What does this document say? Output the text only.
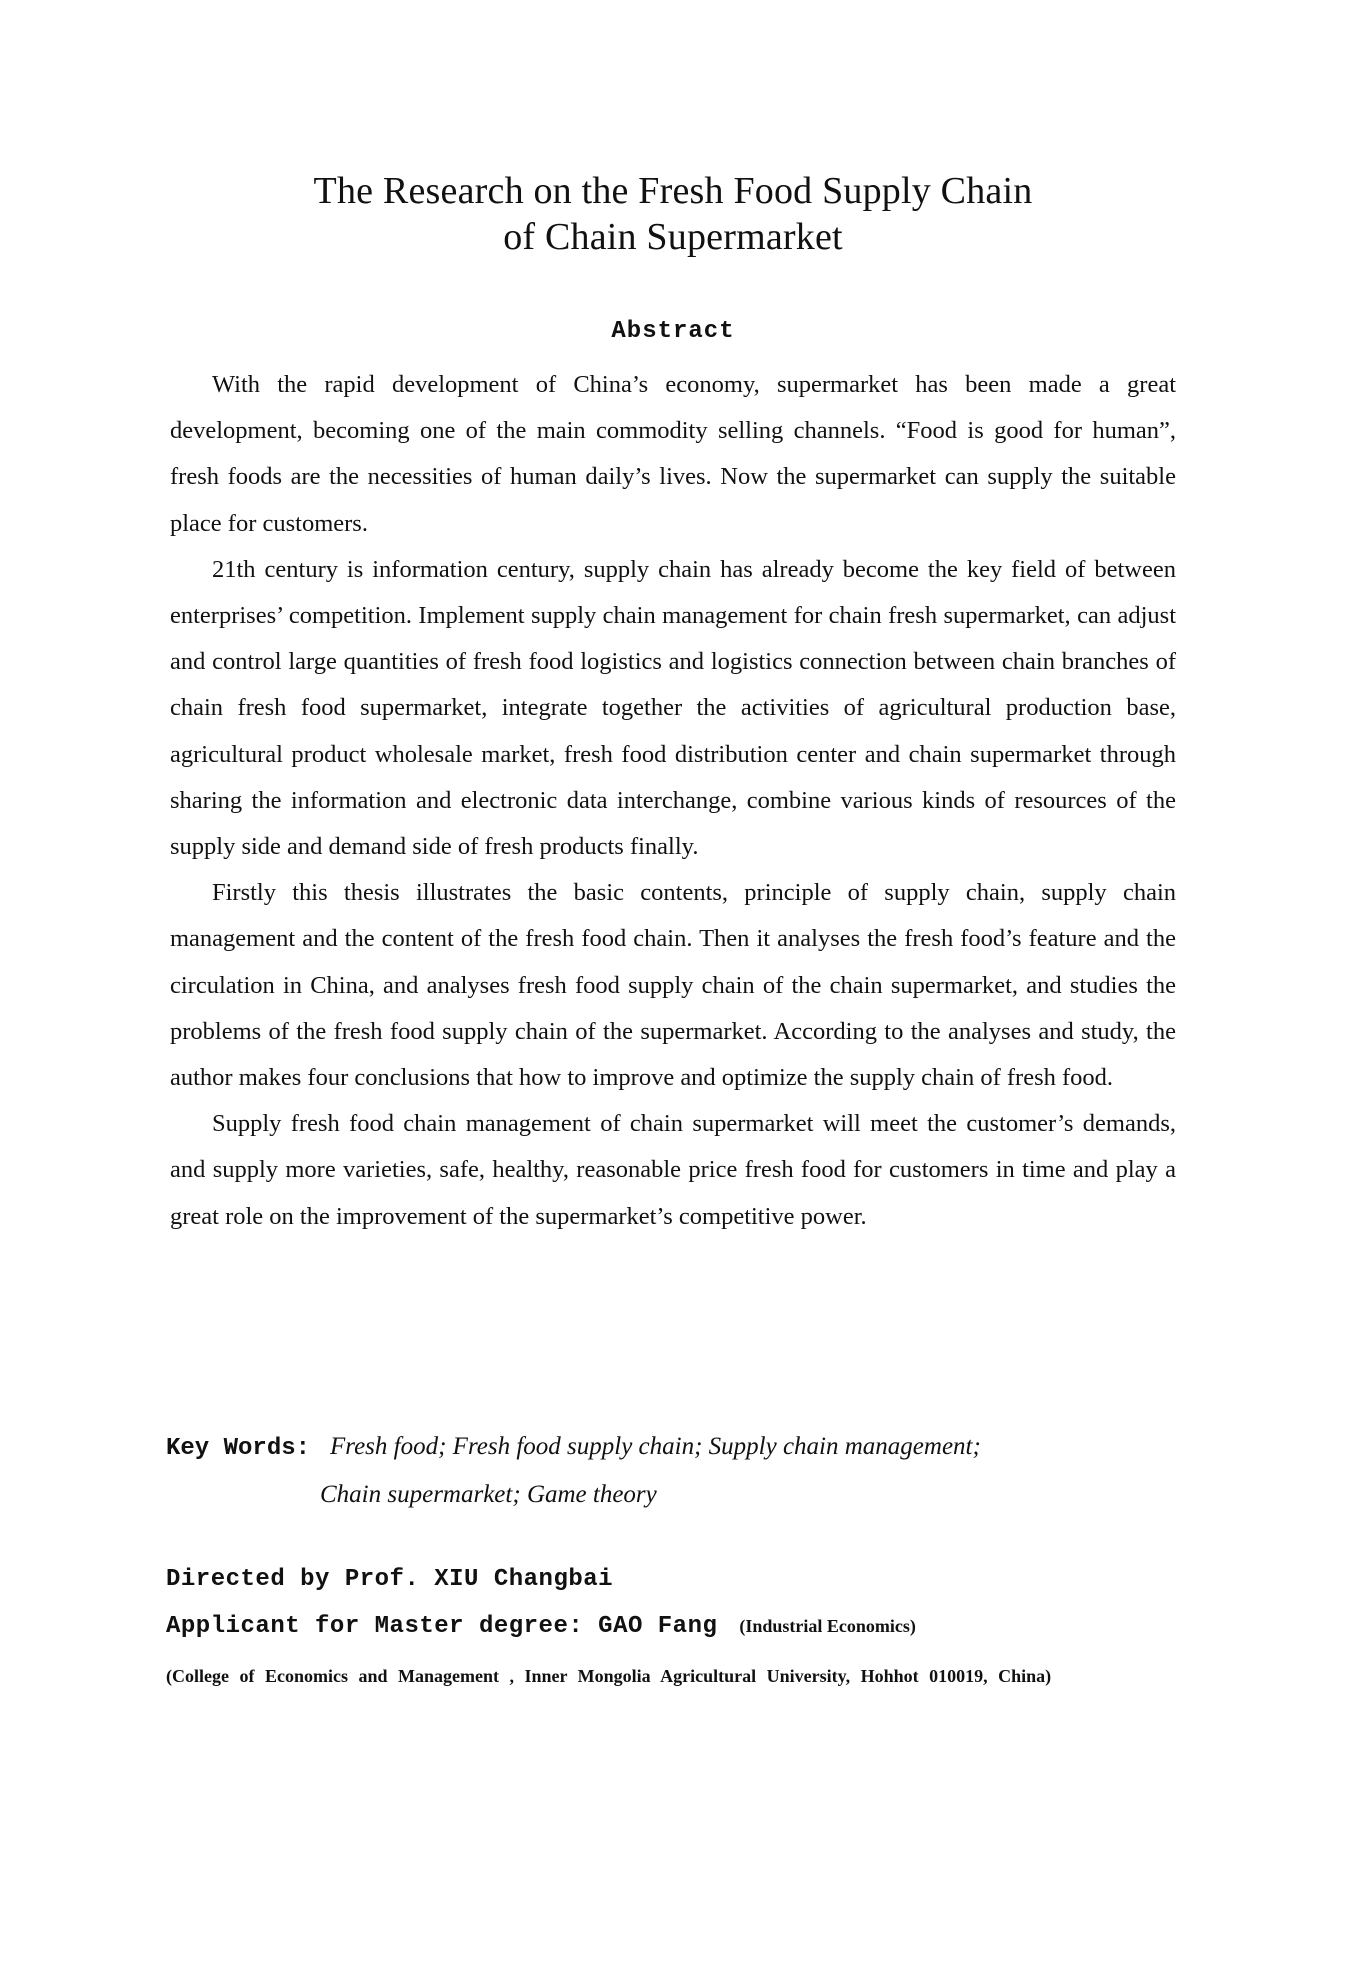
The Research on the Fresh Food Supply Chain
of Chain Supermarket
Abstract

With the rapid development of China’s economy, supermarket has been made a great development, becoming one of the main commodity selling channels. “Food is good for human”, fresh foods are the necessities of human daily’s lives. Now the supermarket can supply the suitable place for customers.

21th century is information century, supply chain has already become the key field of between enterprises’ competition. Implement supply chain management for chain fresh supermarket, can adjust and control large quantities of fresh food logistics and logistics connection between chain branches of chain fresh food supermarket, integrate together the activities of agricultural production base, agricultural product wholesale market, fresh food distribution center and chain supermarket through sharing the information and electronic data interchange, combine various kinds of resources of the supply side and demand side of fresh products finally.

Firstly this thesis illustrates the basic contents, principle of supply chain, supply chain management and the content of the fresh food chain. Then it analyses the fresh food’s feature and the circulation in China, and analyses fresh food supply chain of the chain supermarket, and studies the problems of the fresh food supply chain of the supermarket. According to the analyses and study, the author makes four conclusions that how to improve and optimize the supply chain of fresh food.

Supply fresh food chain management of chain supermarket will meet the customer’s demands, and supply more varieties, safe, healthy, reasonable price fresh food for customers in time and play a great role on the improvement of the supermarket’s competitive power.

Key Words: Fresh food; Fresh food supply chain; Supply chain management;
Chain supermarket; Game theory
Directed by Prof. XIU Changbai
Applicant for Master degree: GAO Fang (Industrial Economics)
(College of Economics and Management , Inner Mongolia Agricultural University, Hohhot 010019, China)
